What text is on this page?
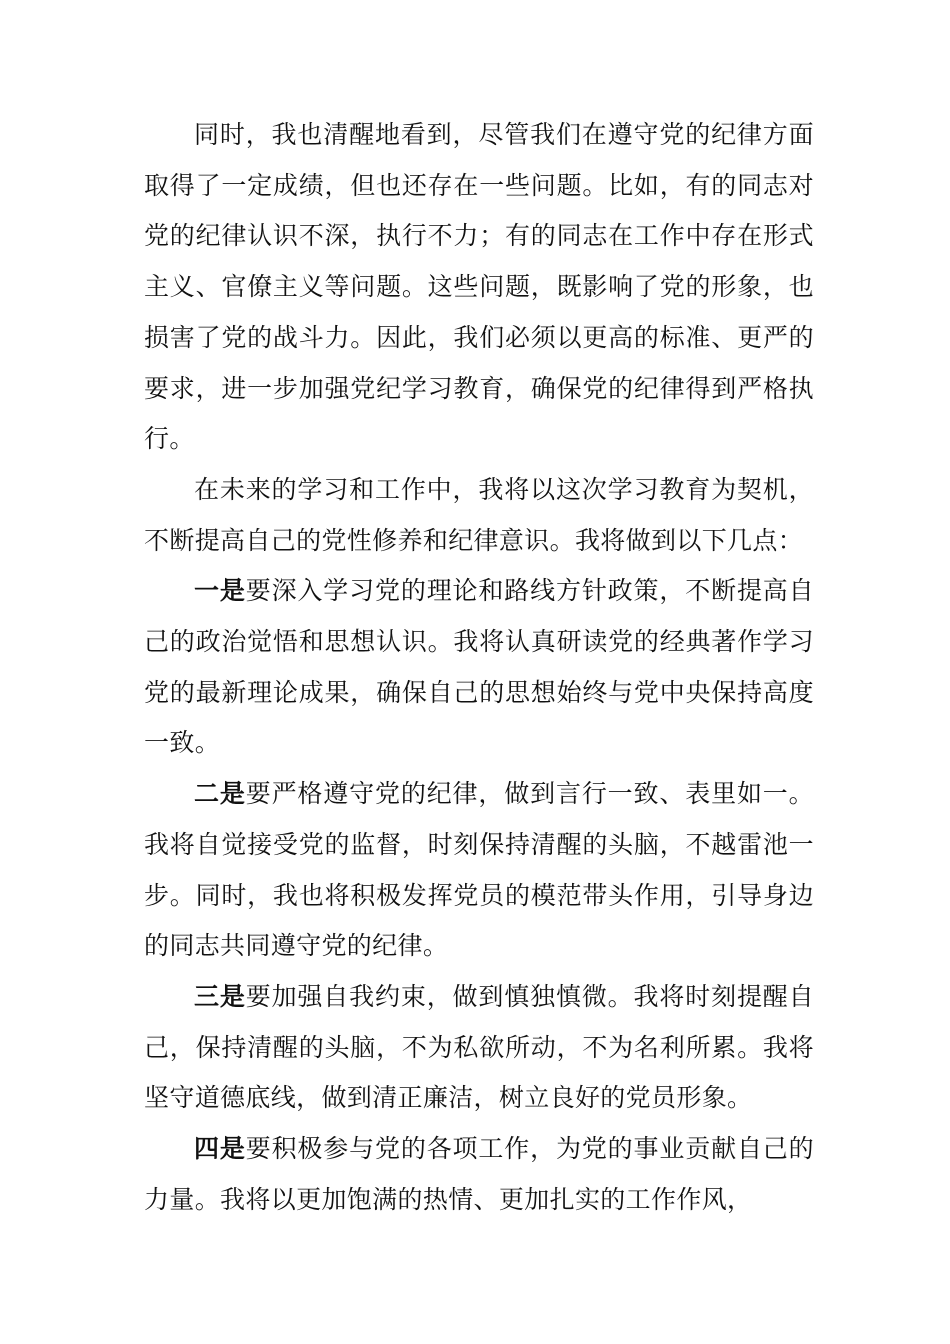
同时，我也清醒地看到，尽管我们在遵守党的纪律方面取得了一定成绩，但也还存在一些问题。比如，有的同志对党的纪律认识不深，执行不力；有的同志在工作中存在形式主义、官僚主义等问题。这些问题，既影响了党的形象，也损害了党的战斗力。因此，我们必须以更高的标准、更严的要求，进一步加强党纪学习教育，确保党的纪律得到严格执行。

在未来的学习和工作中，我将以这次学习教育为契机，不断提高自己的党性修养和纪律意识。我将做到以下几点：

一是要深入学习党的理论和路线方针政策，不断提高自己的政治觉悟和思想认识。我将认真研读党的经典著作学习党的最新理论成果，确保自己的思想始终与党中央保持高度一致。

二是要严格遵守党的纪律，做到言行一致、表里如一。我将自觉接受党的监督，时刻保持清醒的头脑，不越雷池一步。同时，我也将积极发挥党员的模范带头作用，引导身边的同志共同遵守党的纪律。

三是要加强自我约束，做到慎独慎微。我将时刻提醒自己，保持清醒的头脑，不为私欲所动，不为名利所累。我将坚守道德底线，做到清正廉洁，树立良好的党员形象。

四是要积极参与党的各项工作，为党的事业贡献自己的力量。我将以更加饱满的热情、更加扎实的工作作风，
